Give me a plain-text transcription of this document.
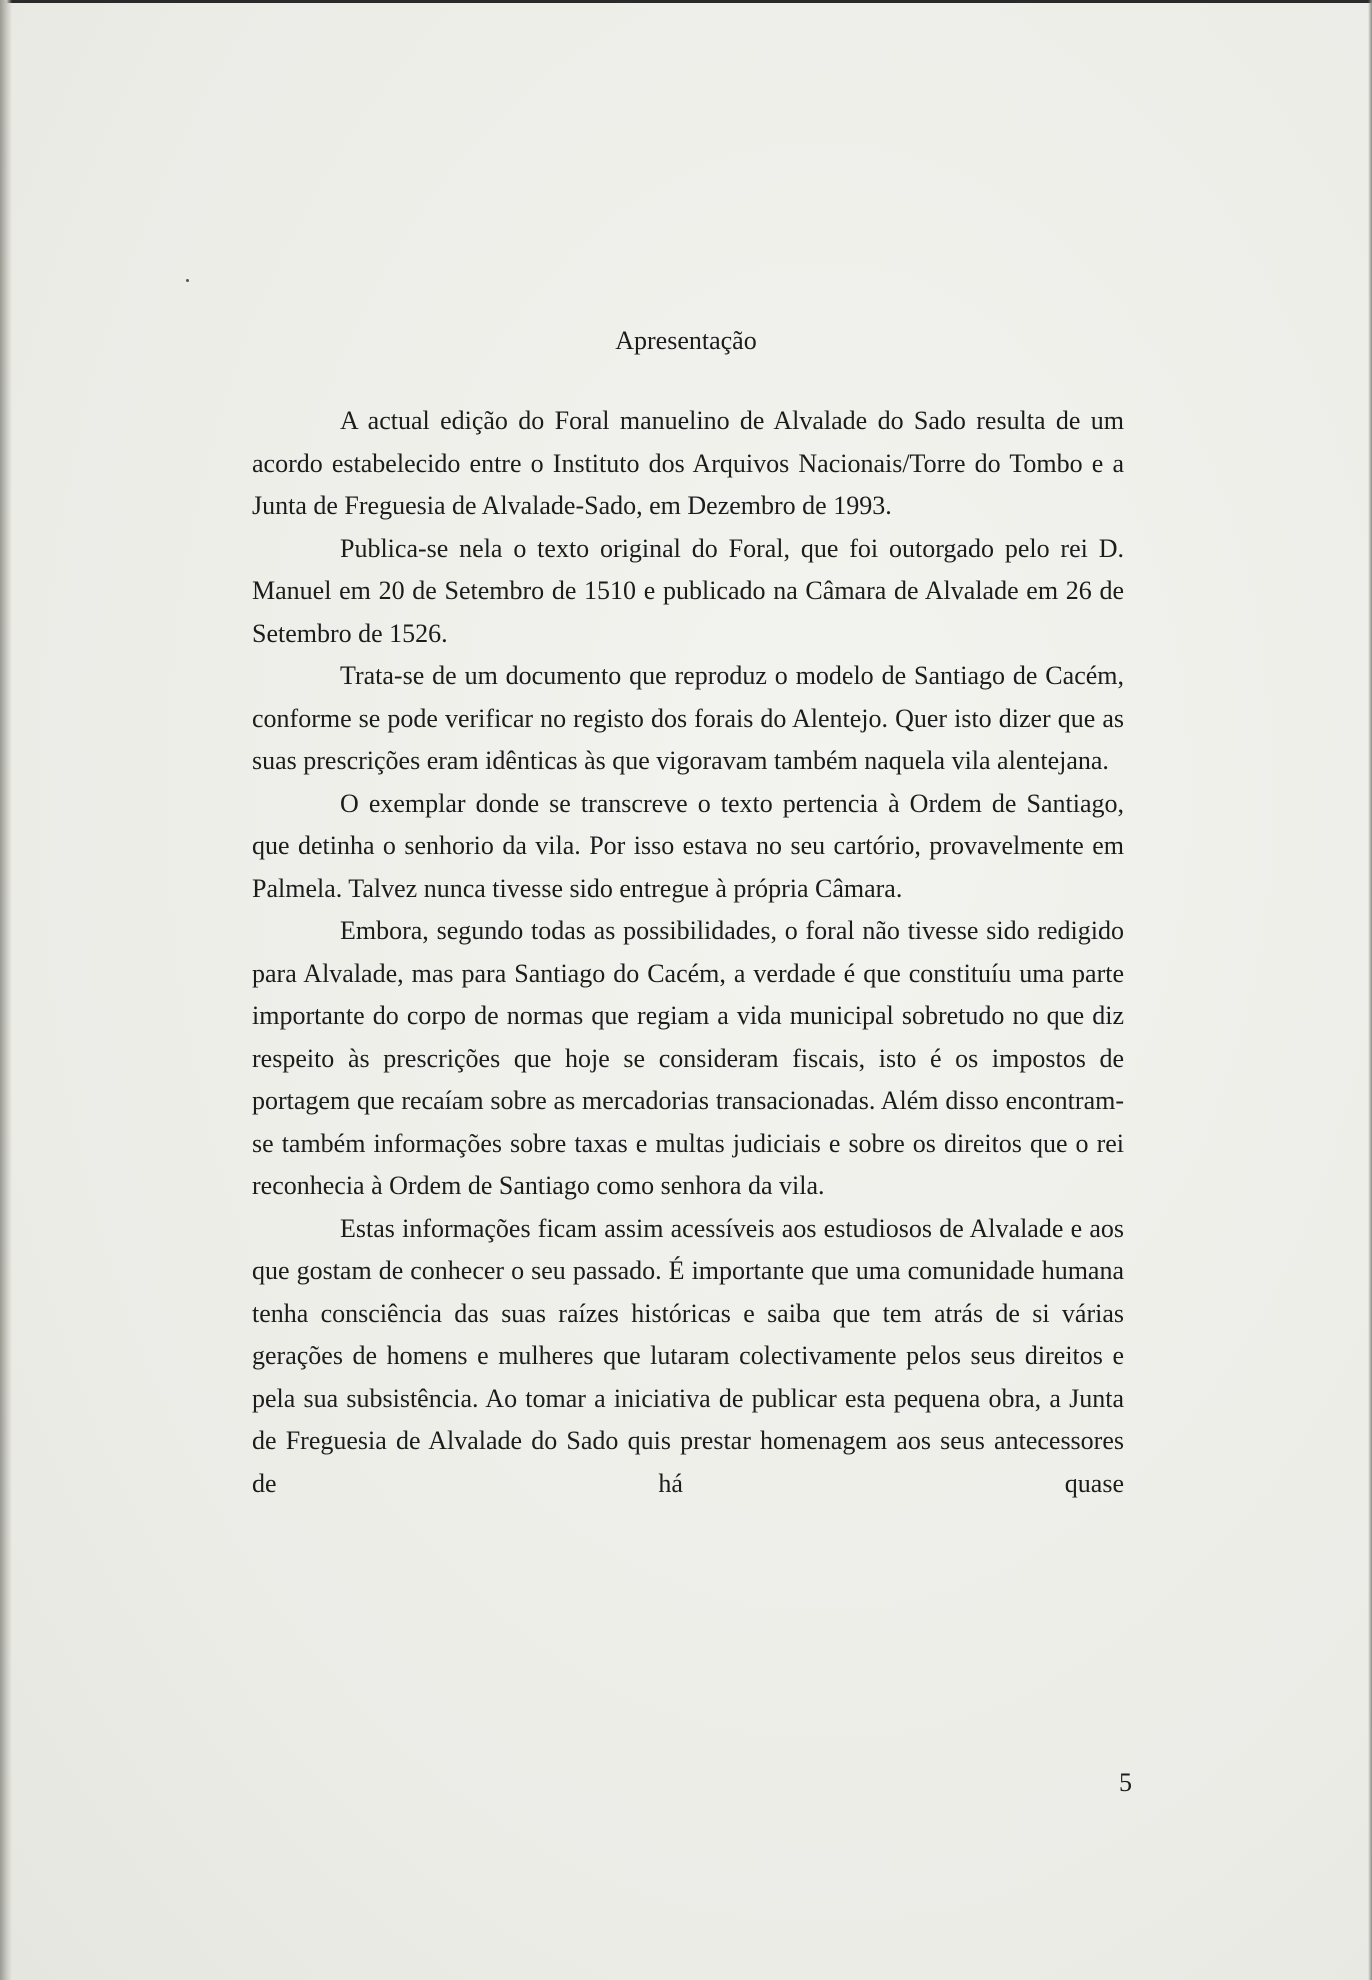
Apresentação

A actual edição do Foral manuelino de Alvalade do Sado resulta de um acordo estabelecido entre o Instituto dos Arquivos Nacionais/Torre do Tombo e a Junta de Freguesia de Alvalade-Sado, em Dezembro de 1993.

Publica-se nela o texto original do Foral, que foi outorgado pelo rei D. Manuel em 20 de Setembro de 1510 e publicado na Câmara de Alvalade em 26 de Setembro de 1526.

Trata-se de um documento que reproduz o modelo de Santiago de Cacém, conforme se pode verificar no registo dos forais do Alentejo. Quer isto dizer que as suas prescrições eram idênticas às que vigoravam também naquela vila alentejana.

O exemplar donde se transcreve o texto pertencia à Ordem de Santiago, que detinha o senhorio da vila. Por isso estava no seu cartório, provavelmente em Palmela. Talvez nunca tivesse sido entregue à própria Câmara.

Embora, segundo todas as possibilidades, o foral não tivesse sido redigido para Alvalade, mas para Santiago do Cacém, a verdade é que constituíu uma parte importante do corpo de normas que regiam a vida municipal sobretudo no que diz respeito às prescrições que hoje se consideram fiscais, isto é os impostos de portagem que recaíam sobre as mercadorias transacionadas. Além disso encontram-se também informações sobre taxas e multas judiciais e sobre os direitos que o rei reconhecia à Ordem de Santiago como senhora da vila.

Estas informações ficam assim acessíveis aos estudiosos de Alvalade e aos que gostam de conhecer o seu passado. É importante que uma comunidade humana tenha consciência das suas raízes históricas e saiba que tem atrás de si várias gerações de homens e mulheres que lutaram colectivamente pelos seus direitos e pela sua subsistência. Ao tomar a iniciativa de publicar esta pequena obra, a Junta de Freguesia de Alvalade do Sado quis prestar homenagem aos seus antecessores de há quase

5
